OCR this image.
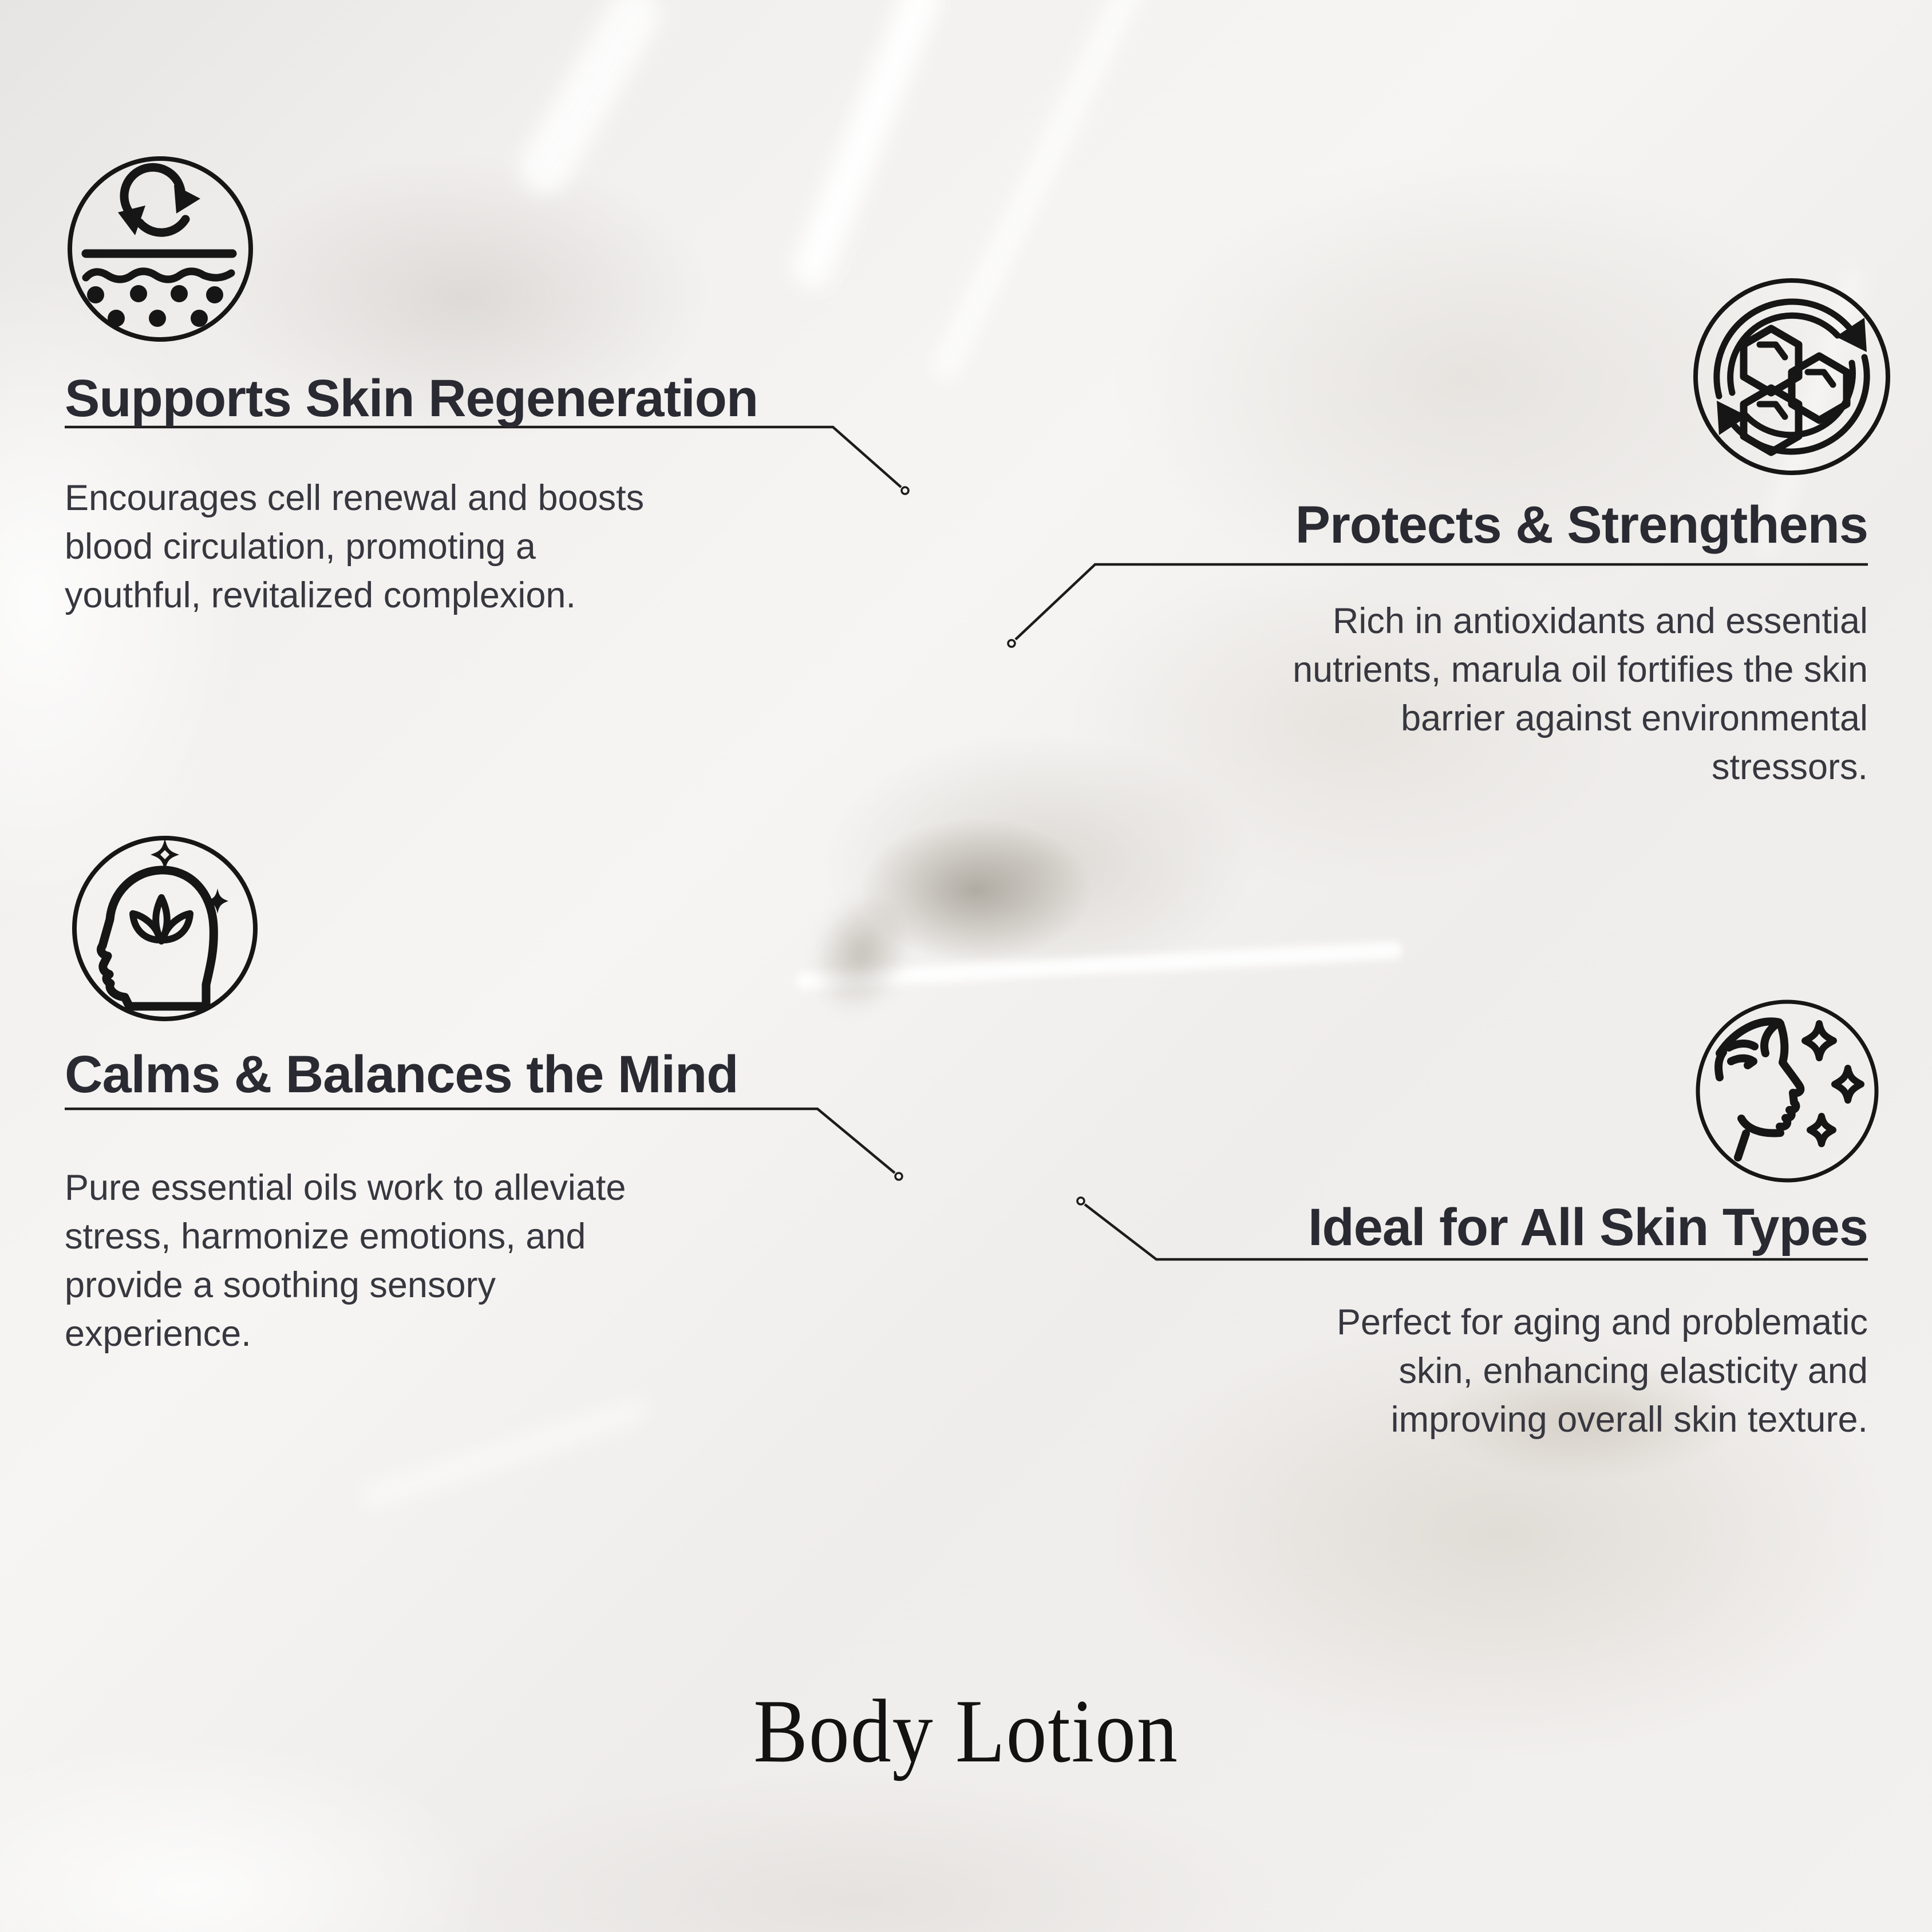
Supports Skin Regeneration
Encourages cell renewal and boosts
blood circulation, promoting a
youthful, revitalized complexion.
Protects & Strengthens
Rich in antioxidants and essential
nutrients, marula oil fortifies the skin
barrier against environmental
stressors.
Calms & Balances the Mind
Pure essential oils work to alleviate
stress, harmonize emotions, and
provide a soothing sensory
experience.
Ideal for All Skin Types
Perfect for aging and problematic
skin, enhancing elasticity and
improving overall skin texture.
Body Lotion
